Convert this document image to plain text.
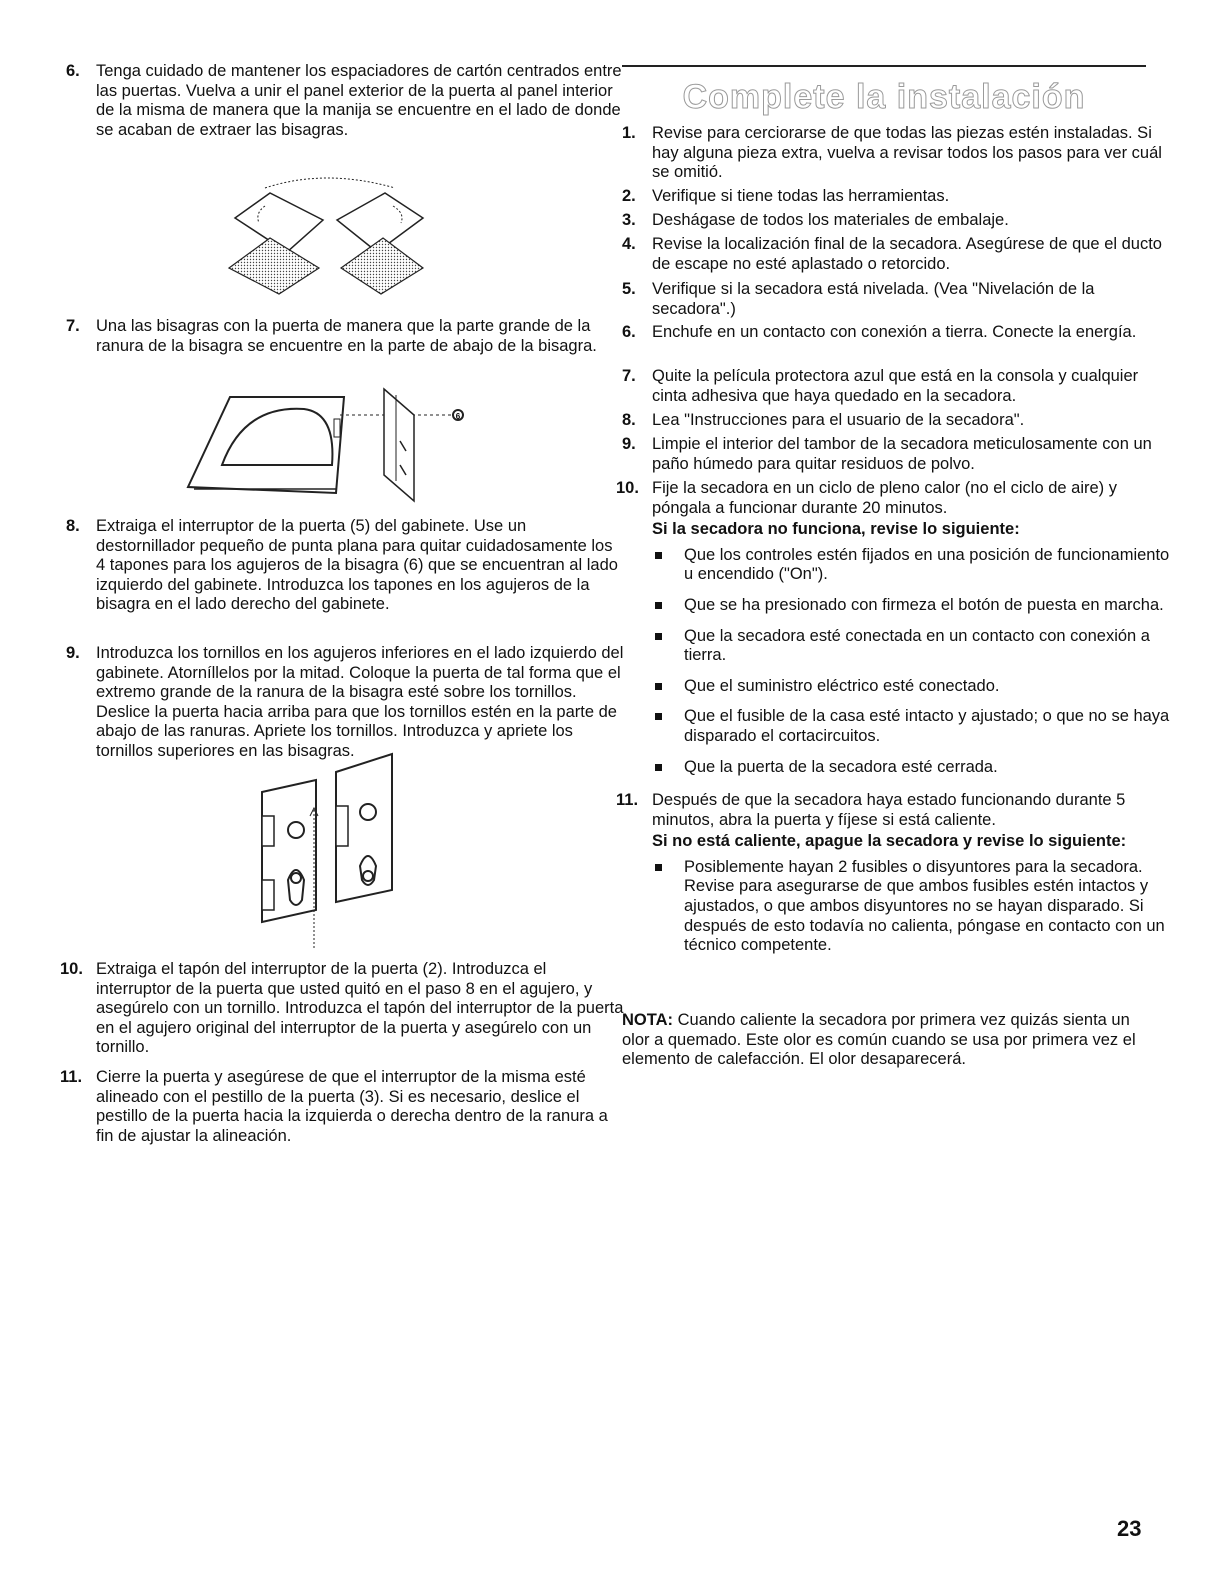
6. Tenga cuidado de mantener los espaciadores de cartón centrados entre las puertas. Vuelva a unir el panel exterior de la puerta al panel interior de la misma de manera que la manija se encuentre en el lado de donde se acaban de extraer las bisagras.
7. Una las bisagras con la puerta de manera que la parte grande de la ranura de la bisagra se encuentre en la parte de abajo de la bisagra.
8. Extraiga el interruptor de la puerta (5) del gabinete. Use un destornillador pequeño de punta plana para quitar cuidadosamente los 4 tapones para los agujeros de la bisagra (6) que se encuentran al lado izquierdo del gabinete. Introduzca los tapones en los agujeros de la bisagra en el lado derecho del gabinete.
9. Introduzca los tornillos en los agujeros inferiores en el lado izquierdo del gabinete. Atorníllelos por la mitad. Coloque la puerta de tal forma que el extremo grande de la ranura de la bisagra esté sobre los tornillos. Deslice la puerta hacia arriba para que los tornillos estén en la parte de abajo de las ranuras. Apriete los tornillos. Introduzca y apriete los tornillos superiores en las bisagras.
10. Extraiga el tapón del interruptor de la puerta (2). Introduzca el interruptor de la puerta que usted quitó en el paso 8 en el agujero, y asegúrelo con un tornillo. Introduzca el tapón del interruptor de la puerta en el agujero original del interruptor de la puerta y asegúrelo con un tornillo.
11. Cierre la puerta y asegúrese de que el interruptor de la misma esté alineado con el pestillo de la puerta (3). Si es necesario, deslice el pestillo de la puerta hacia la izquierda o derecha dentro de la ranura a fin de ajustar la alineación.
6
Complete la instalación
1. Revise para cerciorarse de que todas las piezas estén instaladas. Si hay alguna pieza extra, vuelva a revisar todos los pasos para ver cuál se omitió.
2. Verifique si tiene todas las herramientas.
3. Deshágase de todos los materiales de embalaje.
4. Revise la localización final de la secadora. Asegúrese de que el ducto de escape no esté aplastado o retorcido.
5. Verifique si la secadora está nivelada. (Vea "Nivelación de la secadora".)
6. Enchufe en un contacto con conexión a tierra. Conecte la energía.
7. Quite la película protectora azul que está en la consola y cualquier cinta adhesiva que haya quedado en la secadora.
8. Lea "Instrucciones para el usuario de la secadora".
9. Limpie el interior del tambor de la secadora meticulosamente con un paño húmedo para quitar residuos de polvo.
10. Fije la secadora en un ciclo de pleno calor (no el ciclo de aire) y póngala a funcionar durante 20 minutos.
Si la secadora no funciona, revise lo siguiente:
Que los controles estén fijados en una posición de funcionamiento u encendido ("On").
Que se ha presionado con firmeza el botón de puesta en marcha.
Que la secadora esté conectada en un contacto con conexión a tierra.
Que el suministro eléctrico esté conectado.
Que el fusible de la casa esté intacto y ajustado; o que no se haya disparado el cortacircuitos.
Que la puerta de la secadora esté cerrada.
11. Después de que la secadora haya estado funcionando durante 5 minutos, abra la puerta y fíjese si está caliente.
Si no está caliente, apague la secadora y revise lo siguiente:
Posiblemente hayan 2 fusibles o disyuntores para la secadora. Revise para asegurarse de que ambos fusibles estén intactos y ajustados, o que ambos disyuntores no se hayan disparado. Si después de esto todavía no calienta, póngase en contacto con un técnico competente.
NOTA: Cuando caliente la secadora por primera vez quizás sienta un olor a quemado. Este olor es común cuando se usa por primera vez el elemento de calefacción. El olor desaparecerá.
23
